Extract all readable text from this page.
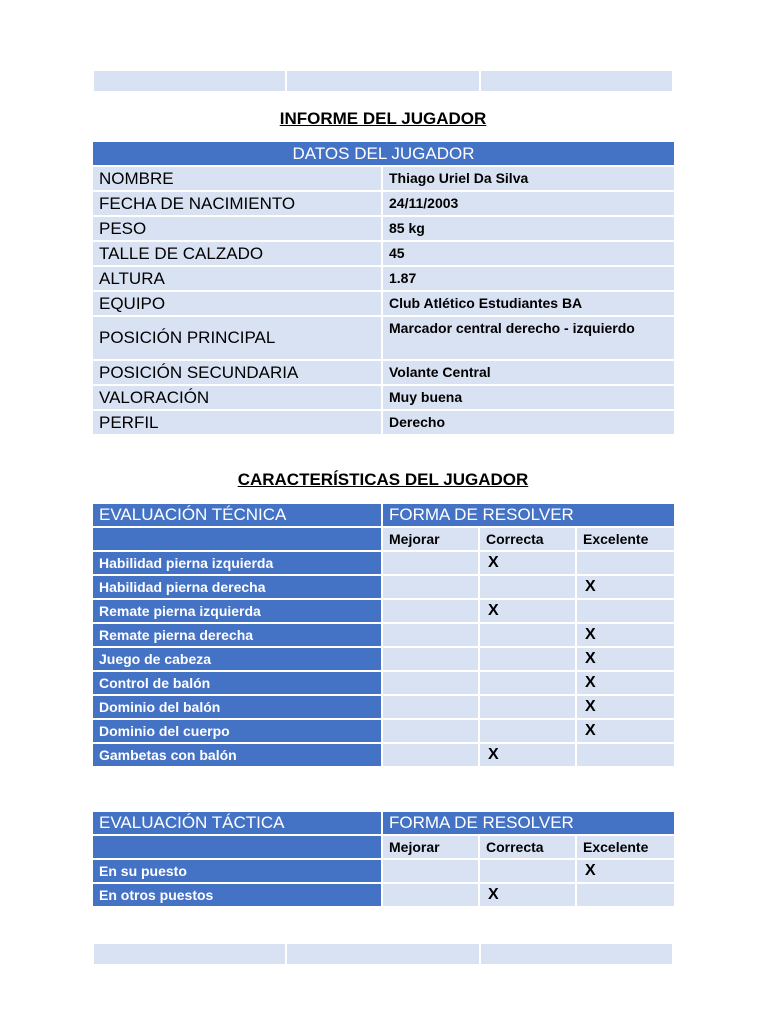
INFORME DEL JUGADOR
DATOS DEL JUGADOR	
NOMBRE	Thiago Uriel Da Silva
FECHA DE NACIMIENTO	24/11/2003
PESO	85 kg
TALLE DE CALZADO	45
ALTURA	1.87
EQUIPO	Club Atlético Estudiantes BA
POSICIÓN PRINCIPAL	Marcador central derecho - izquierdo
POSICIÓN SECUNDARIA	Volante Central
VALORACIÓN	Muy buena
PERFIL	Derecho
CARACTERÍSTICAS DEL JUGADOR
EVALUACIÓN TÉCNICA	FORMA DE RESOLVER		
	Mejorar	Correcta	Excelente
Habilidad pierna izquierda		X	
Habilidad pierna derecha			X
Remate pierna izquierda		X	
Remate pierna derecha			X
Juego de cabeza			X
Control de balón			X
Dominio del balón			X
Dominio del cuerpo			X
Gambetas con balón		X	
EVALUACIÓN TÁCTICA	FORMA DE RESOLVER		
	Mejorar	Correcta	Excelente
En su puesto			X
En otros puestos		X	
